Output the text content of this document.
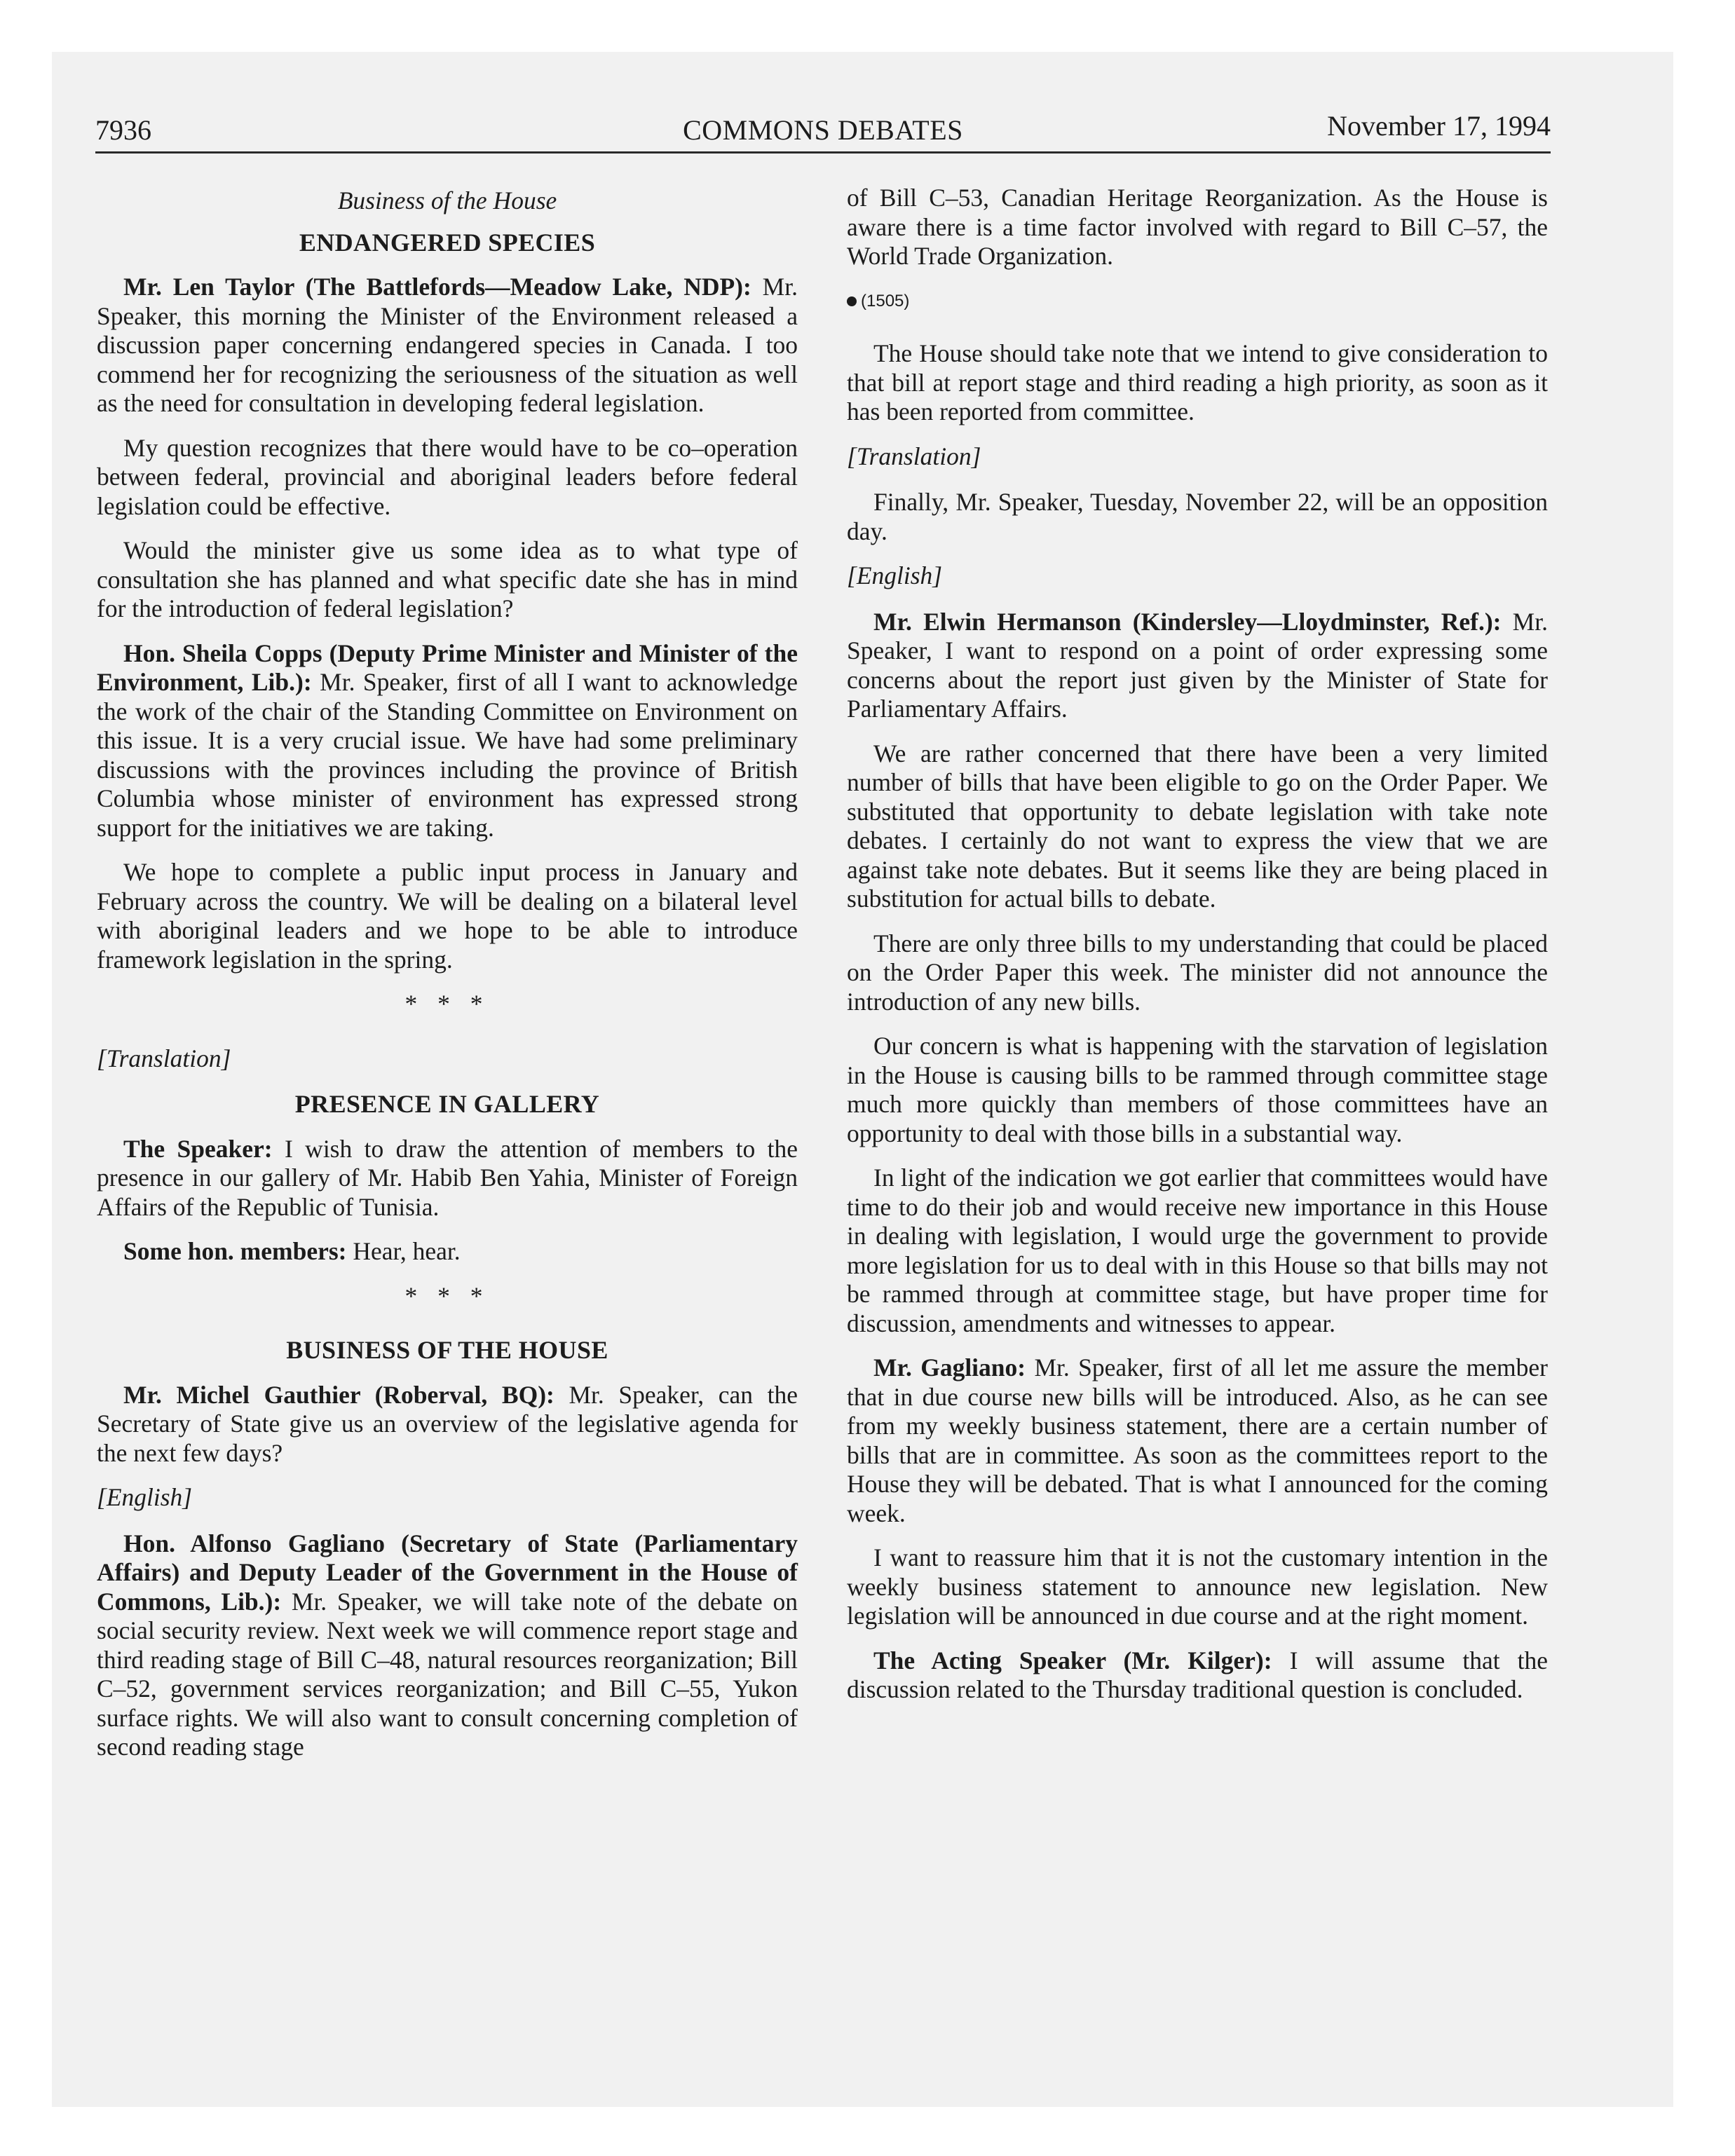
7936	COMMONS DEBATES	November 17, 1994
Business of the House
ENDANGERED SPECIES

Mr. Len Taylor (The Battlefords—Meadow Lake, NDP): Mr. Speaker, this morning the Minister of the Environment released a discussion paper concerning endangered species in Canada. I too commend her for recognizing the seriousness of the situation as well as the need for consultation in developing federal legislation.

My question recognizes that there would have to be co–operation between federal, provincial and aboriginal leaders before federal legislation could be effective.

Would the minister give us some idea as to what type of consultation she has planned and what specific date she has in mind for the introduction of federal legislation?

Hon. Sheila Copps (Deputy Prime Minister and Minister of the Environment, Lib.): Mr. Speaker, first of all I want to acknowledge the work of the chair of the Standing Committee on Environment on this issue. It is a very crucial issue. We have had some preliminary discussions with the provinces including the province of British Columbia whose minister of environment has expressed strong support for the initiatives we are taking.

We hope to complete a public input process in January and February across the country. We will be dealing on a bilateral level with aboriginal leaders and we hope to be able to introduce framework legislation in the spring.

* * *
[Translation]
PRESENCE IN GALLERY

The Speaker: I wish to draw the attention of members to the presence in our gallery of Mr. Habib Ben Yahia, Minister of Foreign Affairs of the Republic of Tunisia.

Some hon. members: Hear, hear.

* * *
BUSINESS OF THE HOUSE

Mr. Michel Gauthier (Roberval, BQ): Mr. Speaker, can the Secretary of State give us an overview of the legislative agenda for the next few days?

[English]

Hon. Alfonso Gagliano (Secretary of State (Parliamentary Affairs) and Deputy Leader of the Government in the House of Commons, Lib.): Mr. Speaker, we will take note of the debate on social security review. Next week we will commence report stage and third reading stage of Bill C–48, natural resources reorganization; Bill C–52, government services reorganization; and Bill C–55, Yukon surface rights. We will also want to consult concerning completion of second reading stage

of Bill C–53, Canadian Heritage Reorganization. As the House is aware there is a time factor involved with regard to Bill C–57, the World Trade Organization.

(1505)

The House should take note that we intend to give consideration to that bill at report stage and third reading a high priority, as soon as it has been reported from committee.

[Translation]

Finally, Mr. Speaker, Tuesday, November 22, will be an opposition day.

[English]

Mr. Elwin Hermanson (Kindersley—Lloydminster, Ref.): Mr. Speaker, I want to respond on a point of order expressing some concerns about the report just given by the Minister of State for Parliamentary Affairs.

We are rather concerned that there have been a very limited number of bills that have been eligible to go on the Order Paper. We substituted that opportunity to debate legislation with take note debates. I certainly do not want to express the view that we are against take note debates. But it seems like they are being placed in substitution for actual bills to debate.

There are only three bills to my understanding that could be placed on the Order Paper this week. The minister did not announce the introduction of any new bills.

Our concern is what is happening with the starvation of legislation in the House is causing bills to be rammed through committee stage much more quickly than members of those committees have an opportunity to deal with those bills in a substantial way.

In light of the indication we got earlier that committees would have time to do their job and would receive new importance in this House in dealing with legislation, I would urge the government to provide more legislation for us to deal with in this House so that bills may not be rammed through at committee stage, but have proper time for discussion, amendments and witnesses to appear.

Mr. Gagliano: Mr. Speaker, first of all let me assure the member that in due course new bills will be introduced. Also, as he can see from my weekly business statement, there are a certain number of bills that are in committee. As soon as the committees report to the House they will be debated. That is what I announced for the coming week.

I want to reassure him that it is not the customary intention in the weekly business statement to announce new legislation. New legislation will be announced in due course and at the right moment.

The Acting Speaker (Mr. Kilger): I will assume that the discussion related to the Thursday traditional question is concluded.
